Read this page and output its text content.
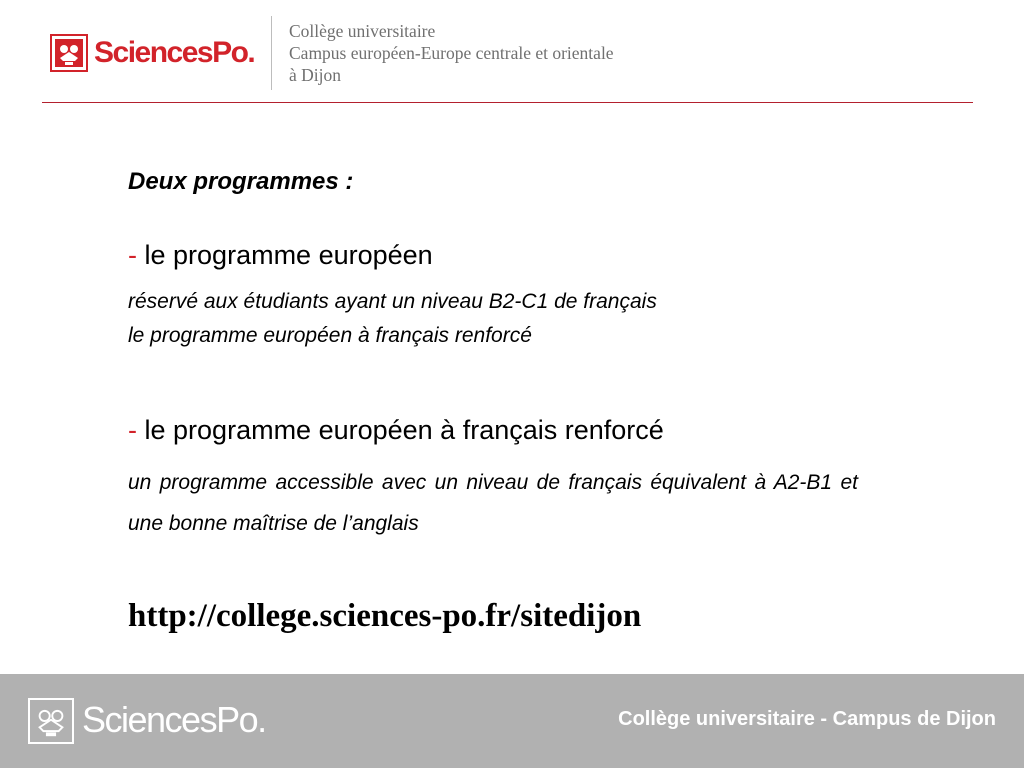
SciencesPo.
Collège universitaire
Campus européen-Europe centrale et orientale
à Dijon
Deux programmes :
- le programme européen
réservé aux étudiants ayant un niveau B2-C1 de français
le programme européen à français renforcé
- le programme européen à français renforcé
un programme accessible avec un niveau de français équivalent à A2-B1 et une bonne maîtrise de l’anglais
http://college.sciences-po.fr/sitedijon
SciencesPo.	Collège universitaire - Campus de Dijon
